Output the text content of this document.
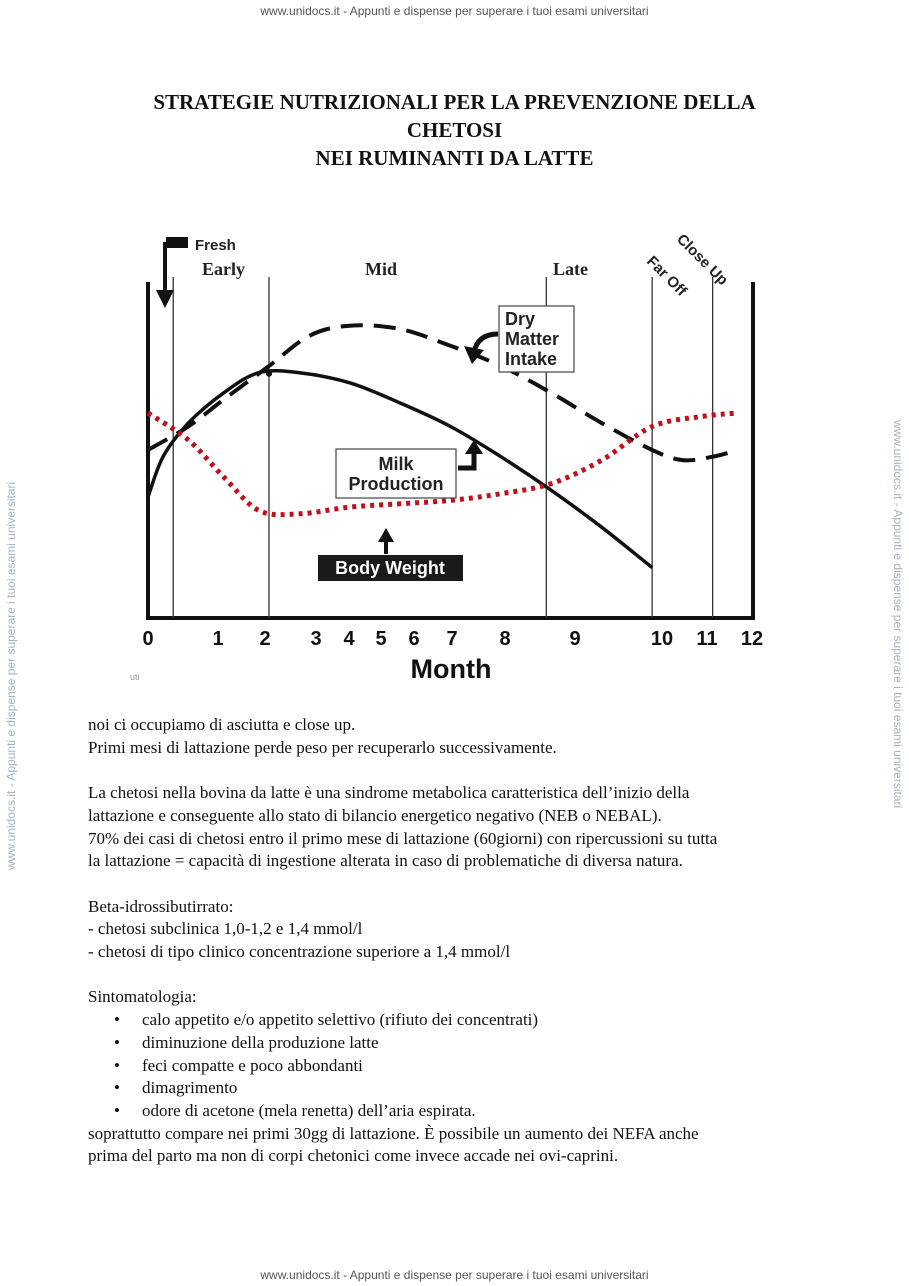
www.unidocs.it - Appunti e dispense per superare i tuoi esami universitari
www.unidocs.it - Appunti e dispense per superare i tuoi esami universitari	www.unidocs.it - Appunti e dispense per superare i tuoi esami universitari
STRATEGIE NUTRIZIONALI PER LA PREVENZIONE DELLA
CHETOSI
NEI RUMINANTI DA LATTE
Fresh
Early	Mid	Late	Far Off
Close Up
0	1 2 3 4 5 6 7 8	9	10 11 12
Month
uti
Dry
Matter
Intake
Milk
Production
Body Weight
noi ci occupiamo di asciutta e close up.
Primi mesi di lattazione perde peso per recuperarlo successivamente.
La chetosi nella bovina da latte è una sindrome metabolica caratteristica dell’inizio della
lattazione e conseguente allo stato di bilancio energetico negativo (NEB o NEBAL).
70% dei casi di chetosi entro il primo mese di lattazione (60giorni) con ripercussioni su tutta
la lattazione = capacità di ingestione alterata in caso di problematiche di diversa natura.
Beta-idrossibutirrato:
- chetosi subclinica 1,0-1,2 e 1,4 mmol/l
- chetosi di tipo clinico concentrazione superiore a 1,4 mmol/l
Sintomatologia:
• calo appetito e/o appetito selettivo (rifiuto dei concentrati)
• diminuzione della produzione latte
• feci compatte e poco abbondanti
• dimagrimento
• odore di acetone (mela renetta) dell’aria espirata.
soprattutto compare nei primi 30gg di lattazione. È possibile un aumento dei NEFA anche
prima del parto ma non di corpi chetonici come invece accade nei ovi-caprini.
www.unidocs.it - Appunti e dispense per superare i tuoi esami universitari
